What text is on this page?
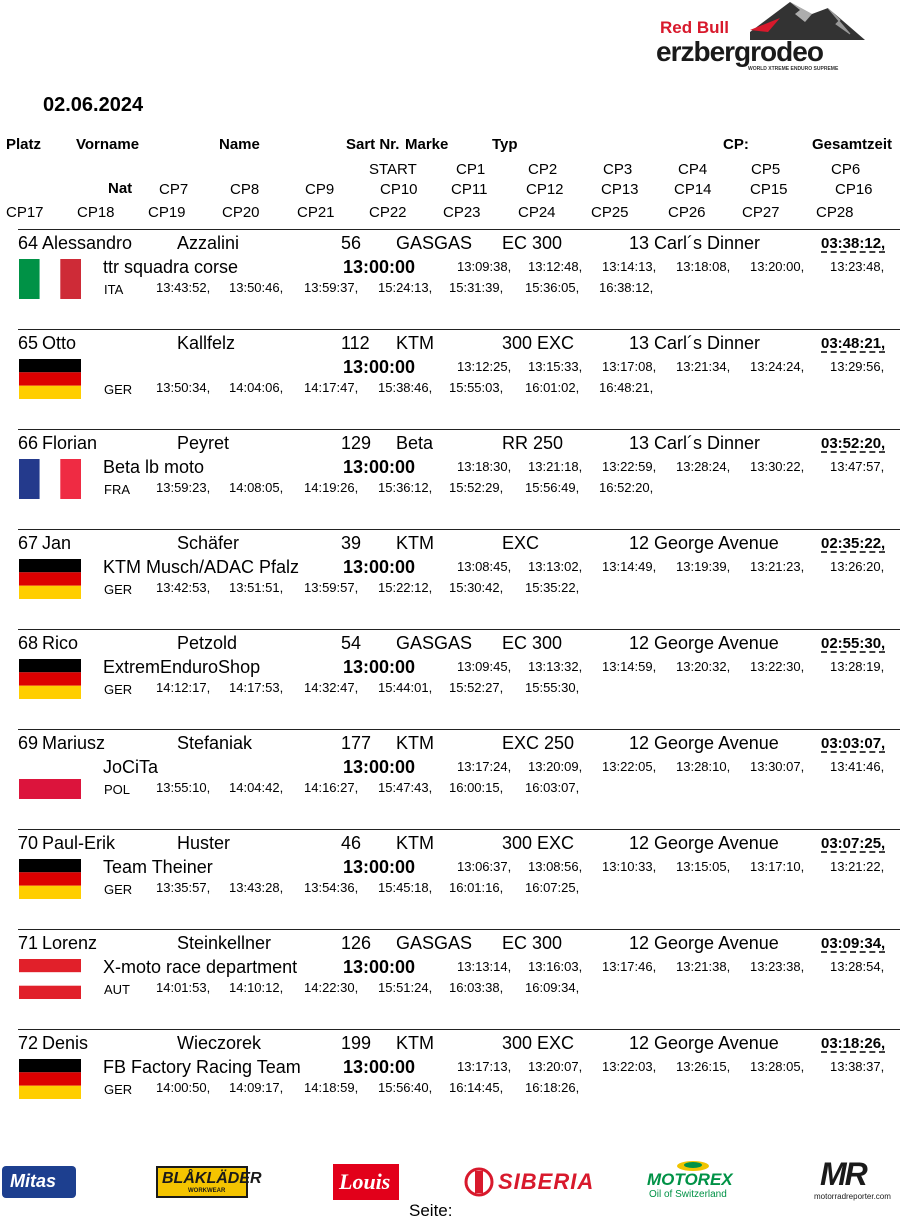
Red Bull
erzbergrodeo
WORLD XTREME ENDURO SUPREME
02.06.2024
Platz Vorname	Name	Sart Nr. Marke	Typ	CP:	Gesamtzeit
START	CP1	CP2	CP3	CP4	CP5	CP6
Nat CP7	CP8	CP9	CP10 CP11	CP12 CP13 CP14	CP15	CP16
CP17 CP18 CP19 CP20 CP21 CP22 CP23 CP24 CP25	CP26 CP27 CP28
64 Alessandro Azzalini	56 GASGAS EC 300	13 Carl´s Dinner	03:38:12,
ttr squadra corse	13:00:00	13:09:38, 13:12:48, 13:14:13, 13:18:08, 13:20:00, 13:23:48,
ITA	13:43:52, 13:50:46, 13:59:37, 15:24:13, 15:31:39, 15:36:05, 16:38:12,
65 Otto	Kallfelz	112 KTM	300 EXC	13 Carl´s Dinner	03:48:21,
13:00:00	13:12:25, 13:15:33, 13:17:08, 13:21:34, 13:24:24, 13:29:56,
GER 13:50:34, 14:04:06, 14:17:47, 15:38:46, 15:55:03, 16:01:02, 16:48:21,
66 Florian	Peyret	129 Beta	RR 250	13 Carl´s Dinner	03:52:20,
Beta lb moto	13:00:00	13:18:30, 13:21:18, 13:22:59, 13:28:24, 13:30:22, 13:47:57,
FRA 13:59:23, 14:08:05, 14:19:26, 15:36:12, 15:52:29, 15:56:49, 16:52:20,
67 Jan	Schäfer	39 KTM	EXC	12 George Avenue	02:35:22,
KTM Musch/ADAC Pfalz 13:00:00	13:08:45, 13:13:02, 13:14:49, 13:19:39, 13:21:23, 13:26:20,
GER 13:42:53, 13:51:51, 13:59:57, 15:22:12, 15:30:42, 15:35:22,
68 Rico	Petzold	54 GASGAS EC 300	12 George Avenue	02:55:30,
ExtremEnduroShop	13:00:00	13:09:45, 13:13:32, 13:14:59, 13:20:32, 13:22:30, 13:28:19,
GER 14:12:17, 14:17:53, 14:32:47, 15:44:01, 15:52:27, 15:55:30,
69 Mariusz	Stefaniak	177 KTM	EXC 250	12 George Avenue	03:03:07,
JoCiTa	13:00:00	13:17:24, 13:20:09, 13:22:05, 13:28:10, 13:30:07, 13:41:46,
POL 13:55:10, 14:04:42, 14:16:27, 15:47:43, 16:00:15, 16:03:07,
70 Paul-Erik	Huster	46 KTM	300 EXC	12 George Avenue	03:07:25,
Team Theiner	13:00:00	13:06:37, 13:08:56, 13:10:33, 13:15:05, 13:17:10, 13:21:22,
GER 13:35:57, 13:43:28, 13:54:36, 15:45:18, 16:01:16, 16:07:25,
71 Lorenz	Steinkellner	126 GASGAS EC 300	12 George Avenue	03:09:34,
X-moto race department	13:00:00	13:13:14, 13:16:03, 13:17:46, 13:21:38, 13:23:38, 13:28:54,
AUT 14:01:53, 14:10:12, 14:22:30, 15:51:24, 16:03:38, 16:09:34,
72 Denis	Wieczorek	199 KTM	300 EXC	12 George Avenue	03:18:26,
FB Factory Racing Team 13:00:00	13:17:13, 13:20:07, 13:22:03, 13:26:15, 13:28:05, 13:38:37,
GER 14:00:50, 14:09:17, 14:18:59, 15:56:40, 16:14:45, 16:18:26,
Mitas	BLÅKLÄDER
WORKWEAR	Louis	SIBERIA	MOTOREX
Oil of Switzerland
MR
motorradreporter.com
Seite:
